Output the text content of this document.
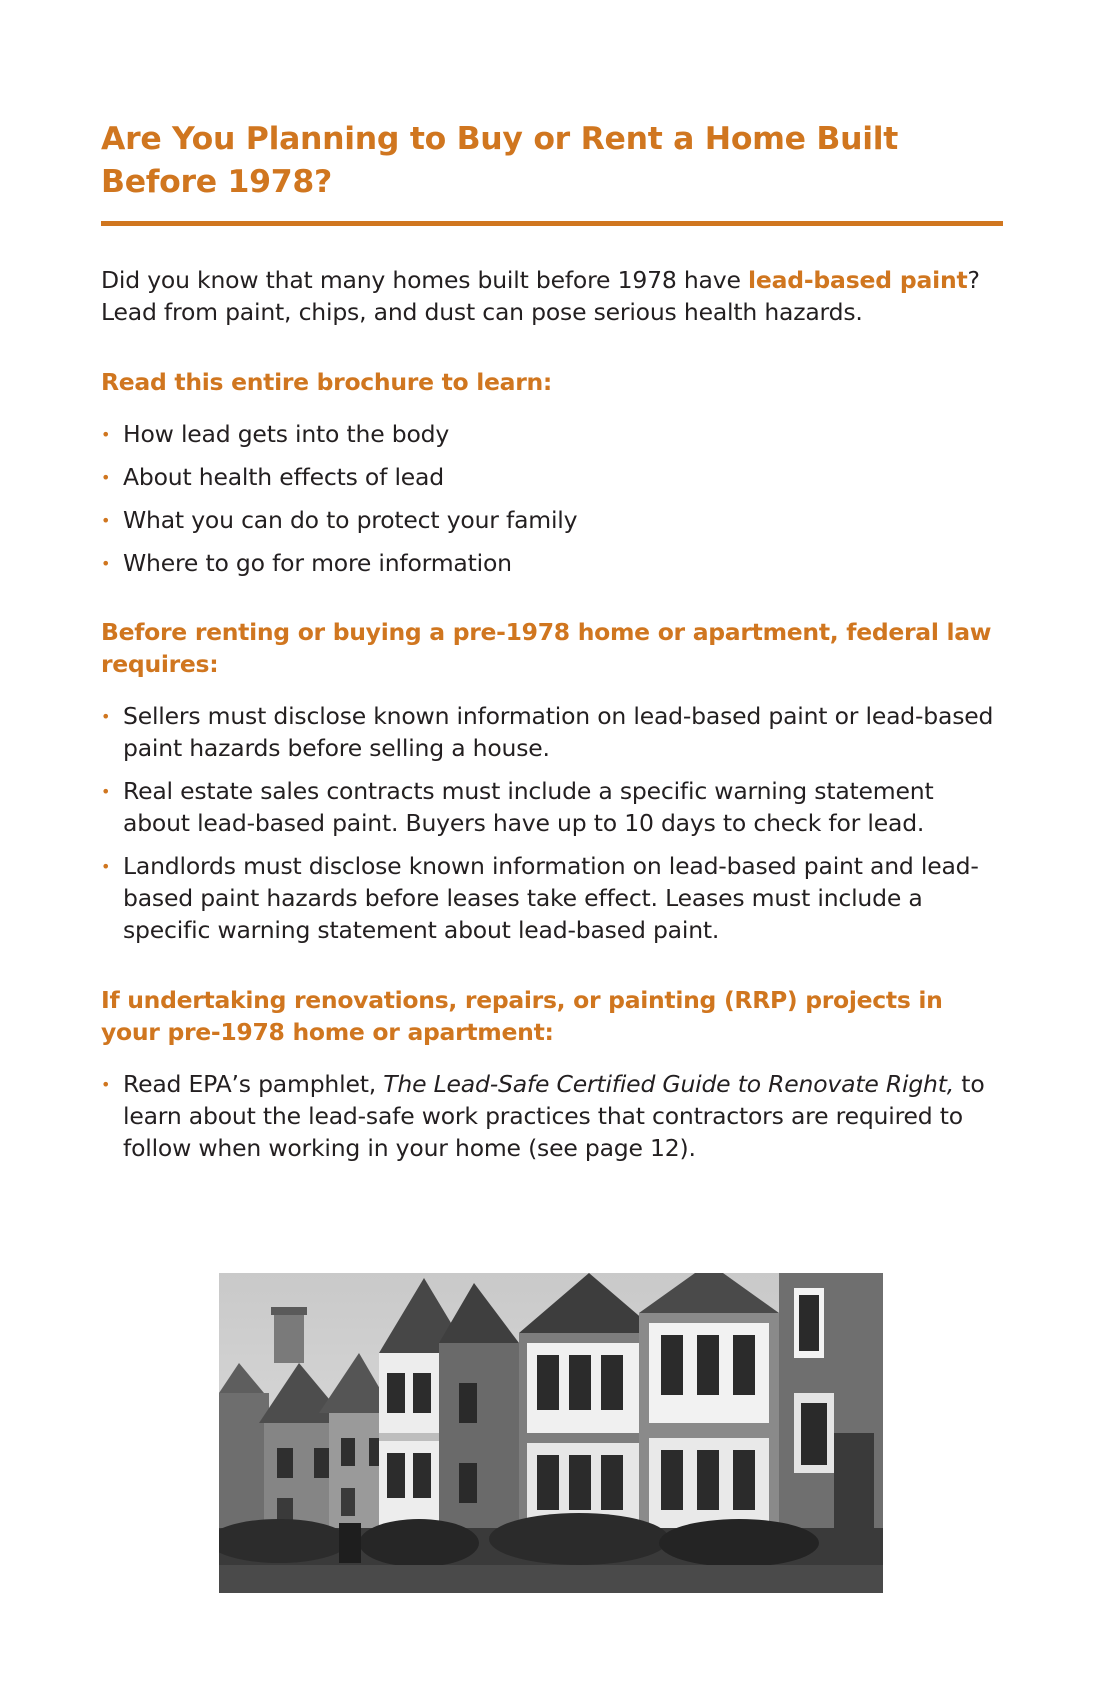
Are You Planning to Buy or Rent a Home Built Before 1978?

Did you know that many homes built before 1978 have lead-based paint? Lead from paint, chips, and dust can pose serious health hazards.

Read this entire brochure to learn:
• How lead gets into the body
• About health effects of lead
• What you can do to protect your family
• Where to go for more information
Before renting or buying a pre-1978 home or apartment, federal law requires:
• Sellers must disclose known information on lead-based paint or lead-based paint hazards before selling a house.
• Real estate sales contracts must include a specific warning statement about lead-based paint. Buyers have up to 10 days to check for lead.
• Landlords must disclose known information on lead-based paint and lead-based paint hazards before leases take effect. Leases must include a specific warning statement about lead-based paint.
If undertaking renovations, repairs, or painting (RRP) projects in your pre-1978 home or apartment:
• Read EPA’s pamphlet, The Lead-Safe Certified Guide to Renovate Right, to learn about the lead-safe work practices that contractors are required to follow when working in your home (see page 12).
